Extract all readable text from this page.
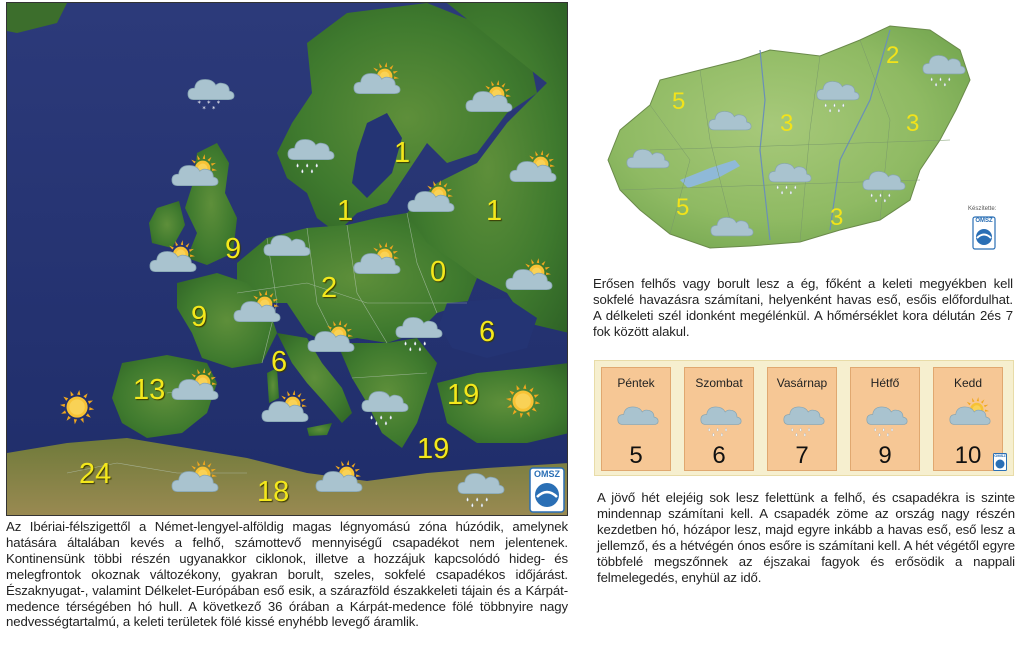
* * *
* *
1
1	1
9
0
2
9	6
6
13	19
19
24
18
OMSZ
2
5
3	3
5	3	Készítette:
OMSZ
Erősen felhős vagy borult lesz a ég, főként a keleti megyékben kell sokfelé havazásra számítani, helyenként havas eső, esőis előfordulhat. A délkeleti szél idonként megélénkül. A hőmérséklet kora délután 2és 7 fok között alakul.
Péntek
5
Szombat
6
Vasárnap
7
Hétfő
9
Kedd
10	OMSZ
A jövő hét elejéig sok lesz felettünk a felhő, és csapadékra is szinte mindennap számítani kell. A csapadék zöme az ország nagy részén kezdetben hó, hózápor lesz, majd egyre inkább a havas eső, eső lesz a jellemző, és a hétvégén ónos esőre is számítani kell. A hét végétől egyre többfelé megszőnnek az éjszakai fagyok és erősödik a nappali felmelegedés, enyhül az idő.
Az Ibériai-félszigettől a Német-lengyel-alföldig magas légnyomású zóna húzódik, amelynek hatására általában kevés a felhő, számottevő mennyiségű csapadékot nem jelentenek. Kontinensünk többi részén ugyanakkor ciklonok, illetve a hozzájuk kapcsolódó hideg- és melegfrontok okoznak változékony, gyakran borult, szeles, sokfelé csapadékos időjárást. Északnyugat-, valamint Délkelet-Európában eső esik, a szárazföld északkeleti tájain és a Kárpát-medence térségében hó hull. A következő 36 órában a Kárpát-medence fölé többnyire nagy nedvességtartalmú, a keleti területek fölé kissé enyhébb levegő áramlik.
